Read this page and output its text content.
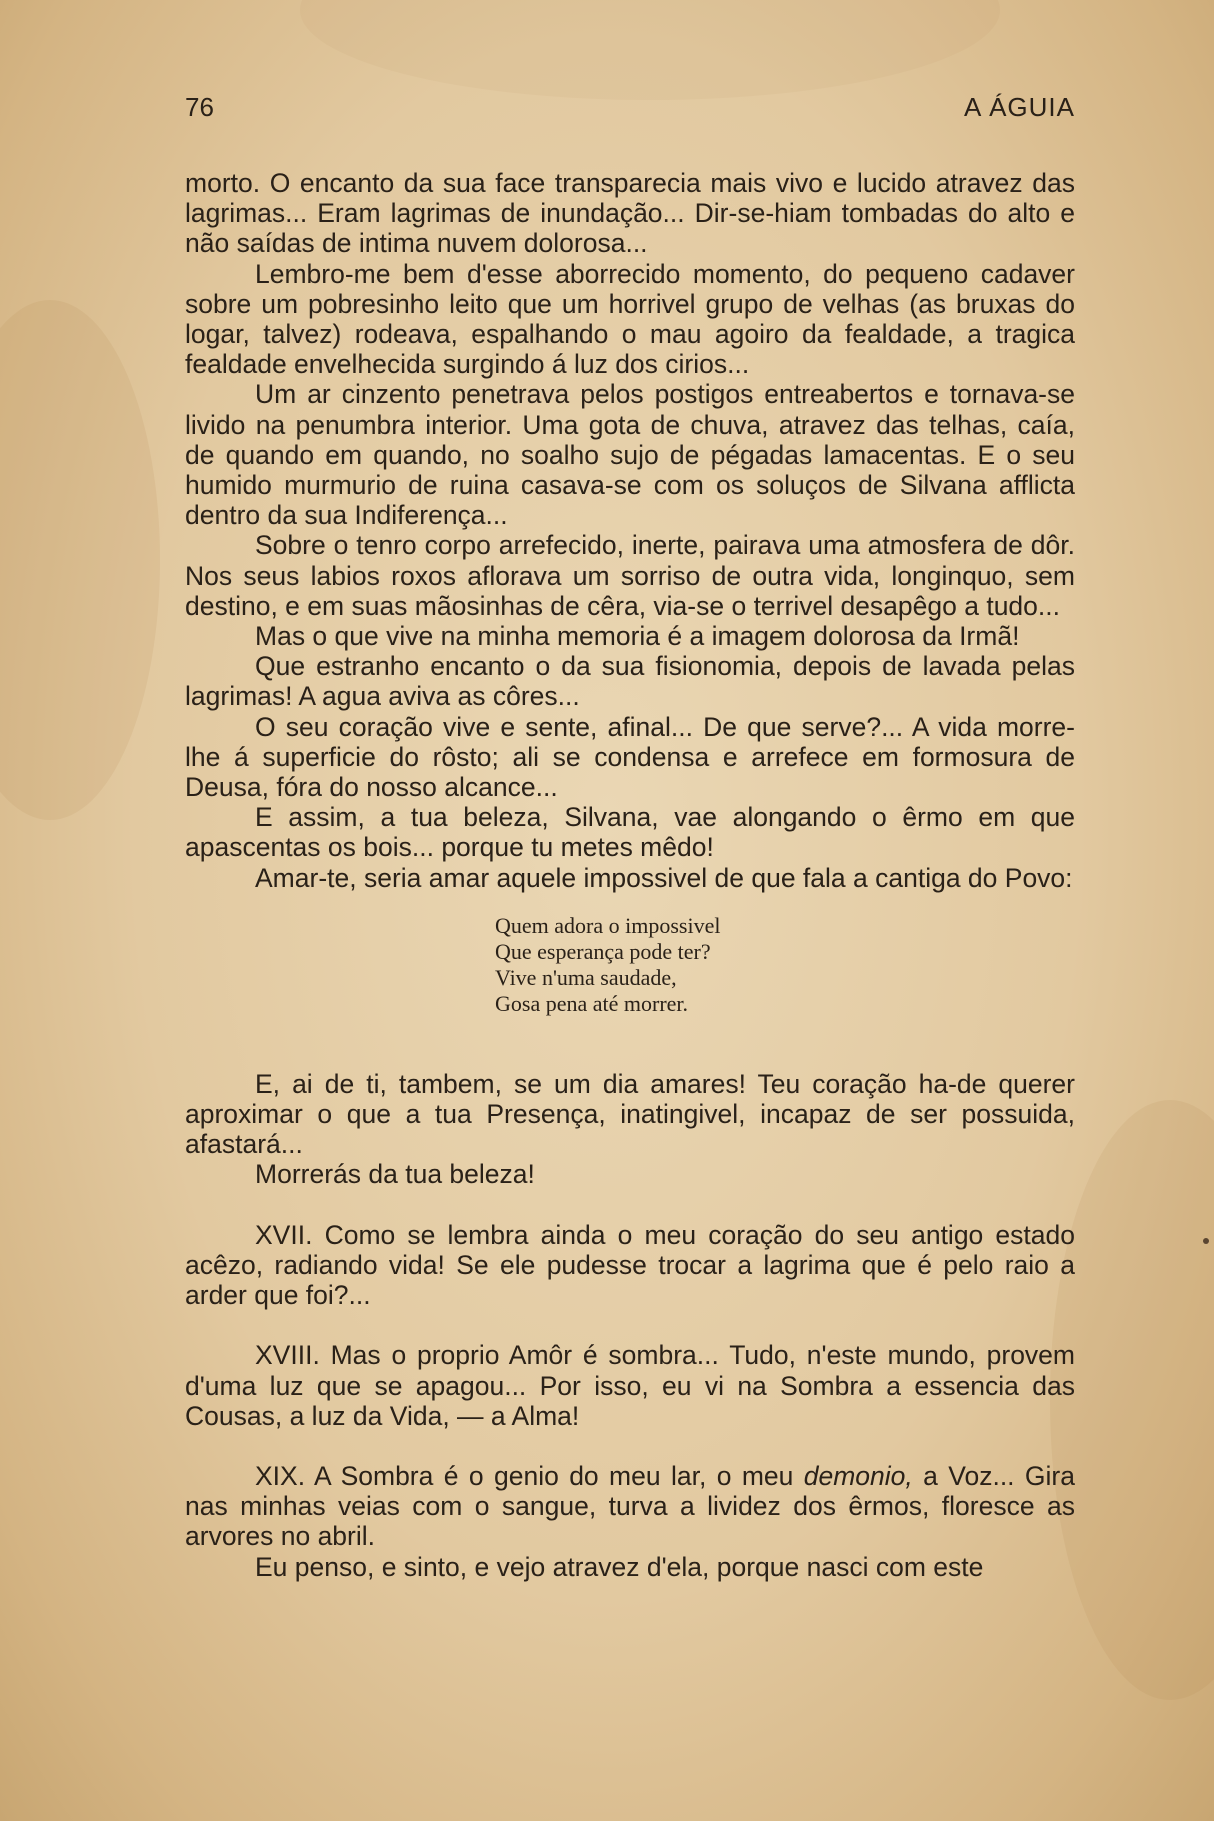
76	A ÁGUIA

morto. O encanto da sua face transparecia mais vivo e lucido atravez das lagrimas... Eram lagrimas de inundação... Dir-se-hiam tombadas do alto e não saídas de intima nuvem dolorosa...

Lembro-me bem d'esse aborrecido momento, do pequeno cadaver sobre um pobresinho leito que um horrivel grupo de velhas (as bruxas do logar, talvez) rodeava, espalhando o mau agoiro da fealdade, a tragica fealdade envelhecida surgindo á luz dos cirios...

Um ar cinzento penetrava pelos postigos entreabertos e tornava-se livido na penumbra interior. Uma gota de chuva, atravez das telhas, caía, de quando em quando, no soalho sujo de pégadas lamacentas. E o seu humido murmurio de ruina casava-se com os soluços de Silvana afflicta dentro da sua Indiferença...

Sobre o tenro corpo arrefecido, inerte, pairava uma atmosfera de dôr. Nos seus labios roxos aflorava um sorriso de outra vida, longinquo, sem destino, e em suas mãosinhas de cêra, via-se o terrivel desapêgo a tudo...

Mas o que vive na minha memoria é a imagem dolorosa da Irmã!

Que estranho encanto o da sua fisionomia, depois de lavada pelas lagrimas! A agua aviva as côres...

O seu coração vive e sente, afinal... De que serve?... A vida morre-lhe á superficie do rôsto; ali se condensa e arrefece em formosura de Deusa, fóra do nosso alcance...

E assim, a tua beleza, Silvana, vae alongando o êrmo em que apascentas os bois... porque tu metes mêdo!

Amar-te, seria amar aquele impossivel de que fala a cantiga do Povo:

Quem adora o impossivel
Que esperança pode ter?
Vive n'uma saudade,
Gosa pena até morrer.

E, ai de ti, tambem, se um dia amares! Teu coração ha-de querer aproximar o que a tua Presença, inatingivel, incapaz de ser possuida, afastará...

Morrerás da tua beleza!

XVII. Como se lembra ainda o meu coração do seu antigo estado acêzo, radiando vida! Se ele pudesse trocar a lagrima que é pelo raio a arder que foi?...

XVIII. Mas o proprio Amôr é sombra... Tudo, n'este mundo, provem d'uma luz que se apagou... Por isso, eu vi na Sombra a essencia das Cousas, a luz da Vida, — a Alma!

XIX. A Sombra é o genio do meu lar, o meu demonio, a Voz... Gira nas minhas veias com o sangue, turva a lividez dos êrmos, floresce as arvores no abril.

Eu penso, e sinto, e vejo atravez d'ela, porque nasci com este
